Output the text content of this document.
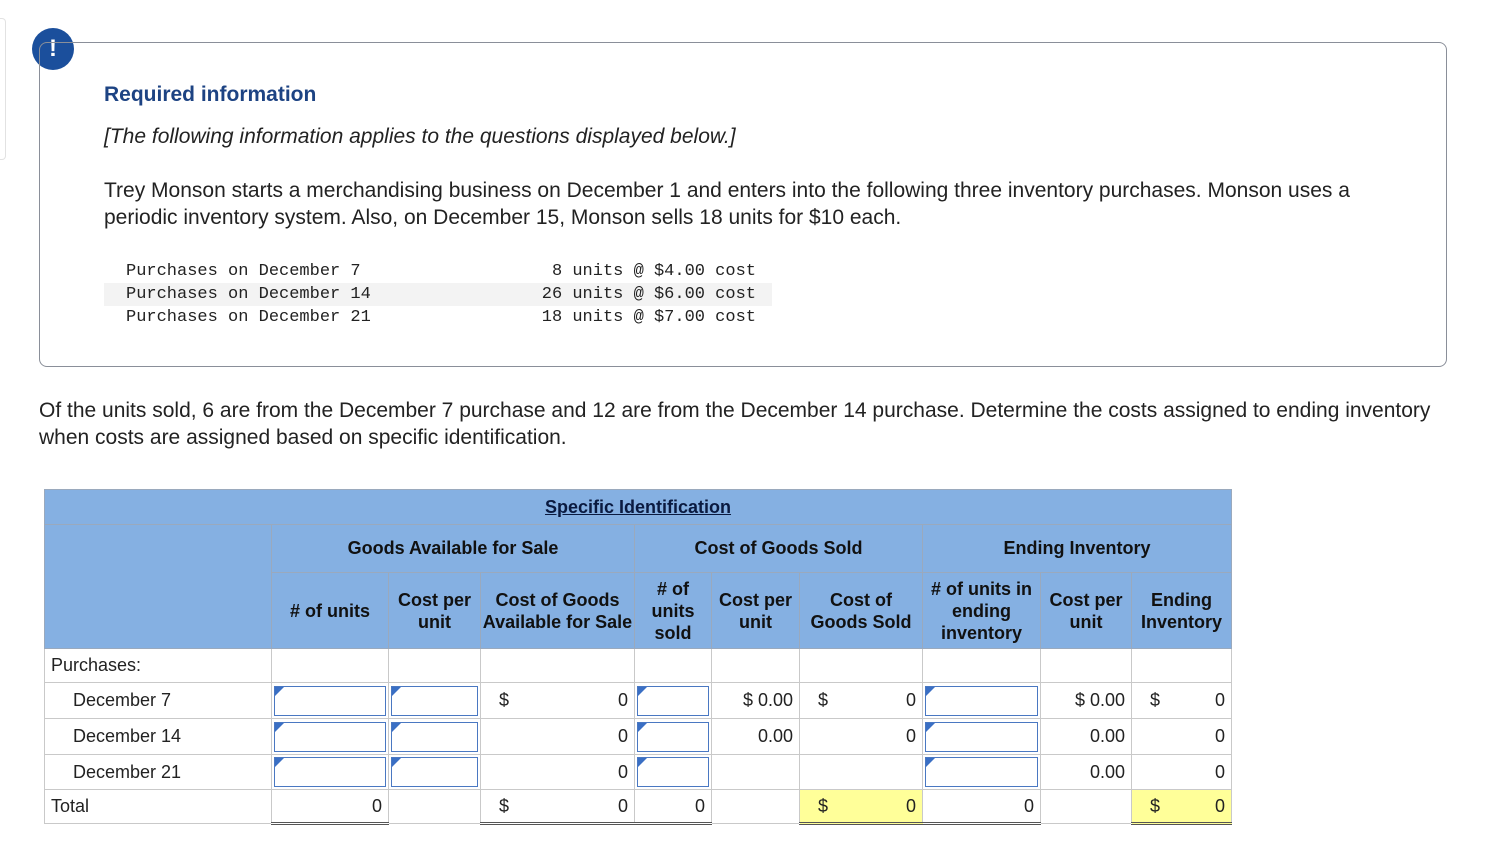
!
Required information
[The following information applies to the questions displayed below.]
Trey Monson starts a merchandising business on December 1 and enters into the following three inventory purchases. Monson uses a periodic inventory system. Also, on December 15, Monson sells 18 units for $10 each.
Purchases on December 7	8 units @ $4.00 cost
Purchases on December 14	26 units @ $6.00 cost
Purchases on December 21	18 units @ $7.00 cost
Of the units sold, 6 are from the December 7 purchase and 12 are from the December 14 purchase. Determine the costs assigned to ending inventory when costs are assigned based on specific identification.
Specific Identification									
	Goods Available for Sale			Cost of Goods Sold			Ending Inventory		
	# of units	Cost per unit	Cost of Goods Available for Sale	# of units sold	Cost per unit	Cost of Goods Sold	# of units in ending inventory	Cost per unit	Ending Inventory
Purchases:									
December 7			$ 0		$ 0.00	$ 0		$ 0.00	$ 0

December 14			0		0.00	0		0.00	0
December 21			0					0.00	0
Total	0		$ 0	0		$ 0	0		$ 0
